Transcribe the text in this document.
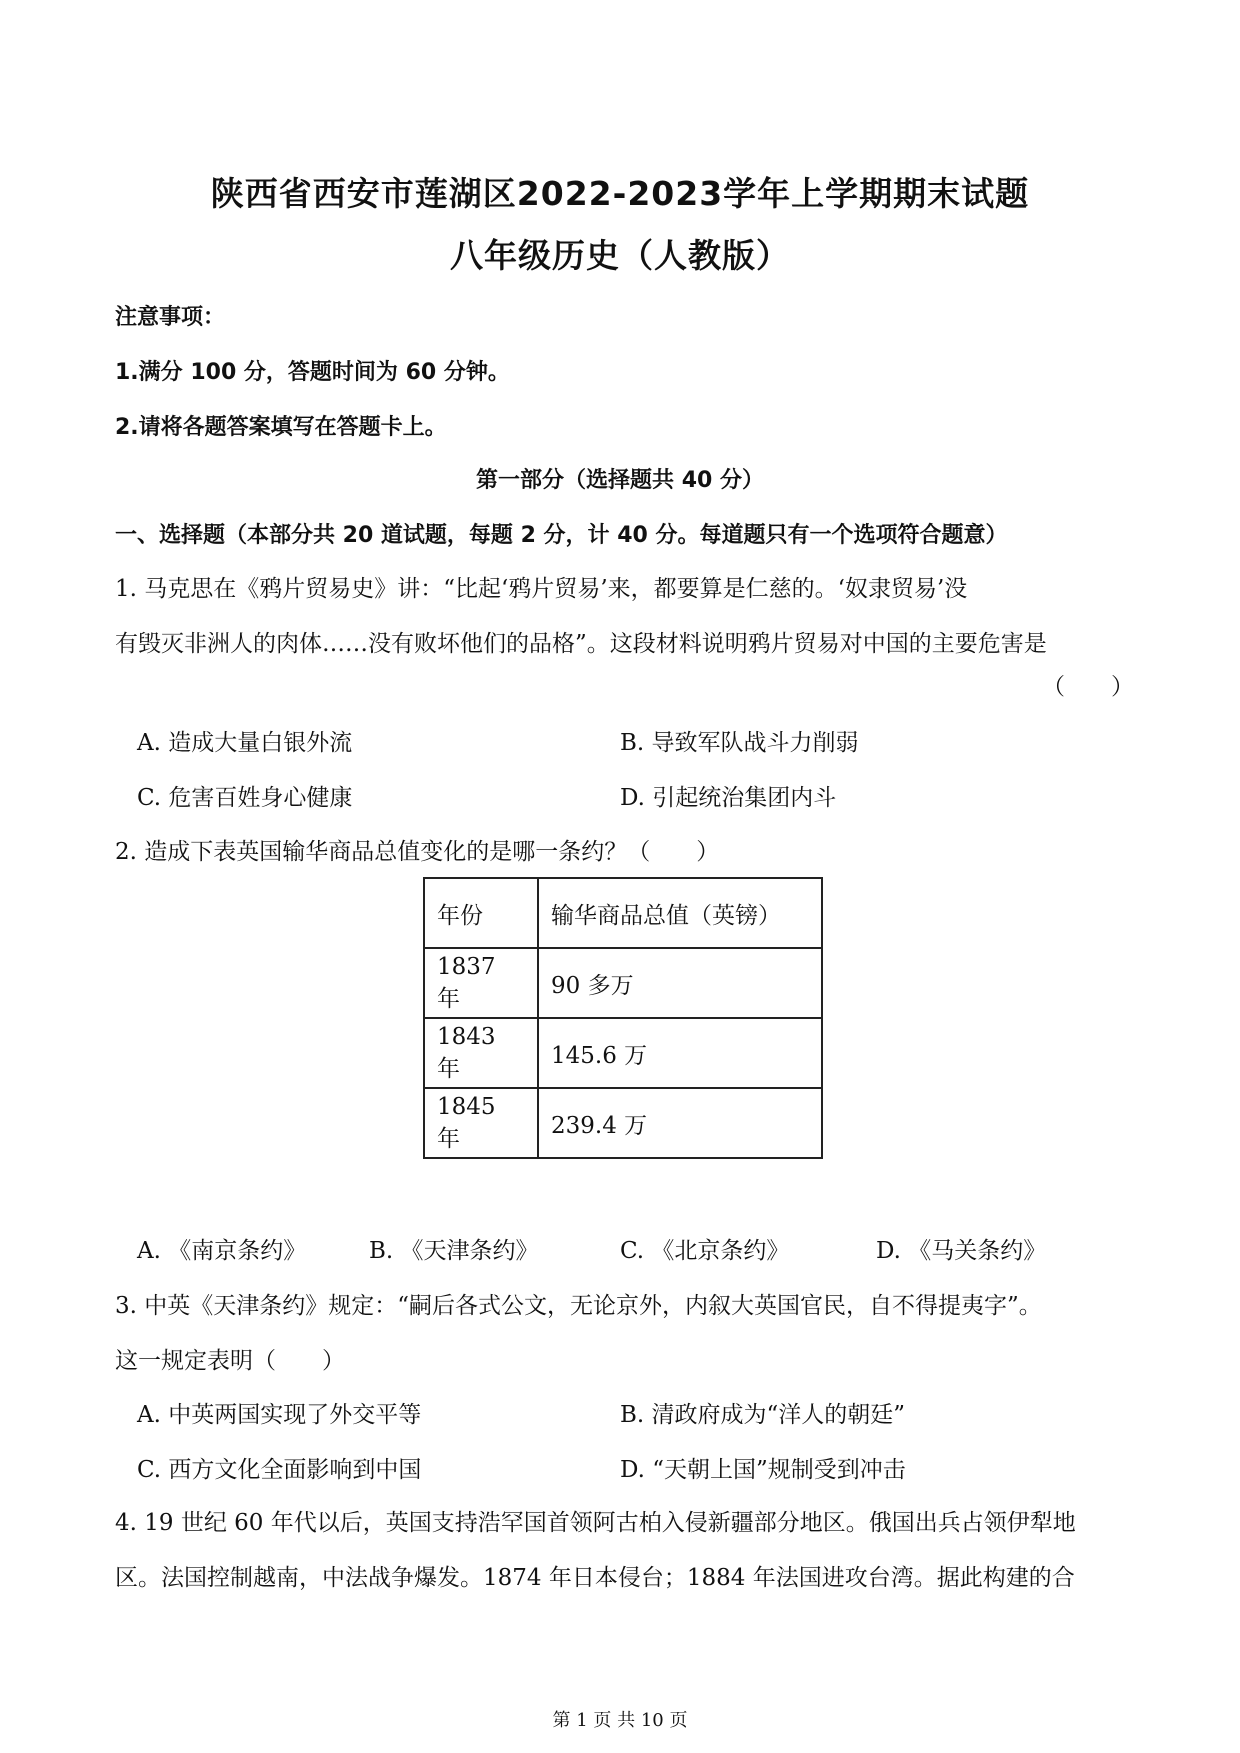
陕西省西安市莲湖区2022-2023学年上学期期末试题
八年级历史（人教版）
注意事项：
1.满分 100 分，答题时间为 60 分钟。
2.请将各题答案填写在答题卡上。
第一部分（选择题共 40 分）
一、选择题（本部分共 20 道试题，每题 2 分，计 40 分。每道题只有一个选项符合题意）
1. 马克思在《鸦片贸易史》讲：“比起‘鸦片贸易’来，都要算是仁慈的。‘奴隶贸易’没
有毁灭非洲人的肉体……没有败坏他们的品格”。这段材料说明鸦片贸易对中国的主要危害是
（　　）
A. 造成大量白银外流	B. 导致军队战斗力削弱
C. 危害百姓身心健康	D. 引起统治集团内斗
2. 造成下表英国输华商品总值变化的是哪一条约？（　　）
年份	输华商品总值（英镑）
1837 年	90 多万
1843 年	145.6 万
1845 年	239.4 万
A. 《南京条约》	B. 《天津条约》	C. 《北京条约》	D. 《马关条约》
3. 中英《天津条约》规定：“嗣后各式公文，无论京外，内叙大英国官民，自不得提夷字”。
这一规定表明（　　）
A. 中英两国实现了外交平等	B. 清政府成为“洋人的朝廷”
C. 西方文化全面影响到中国	D. “天朝上国”规制受到冲击
4. 19 世纪 60 年代以后，英国支持浩罕国首领阿古柏入侵新疆部分地区。俄国出兵占领伊犁地
区。法国控制越南，中法战争爆发。1874 年日本侵台；1884 年法国进攻台湾。据此构建的合
第 1 页 共 10 页
